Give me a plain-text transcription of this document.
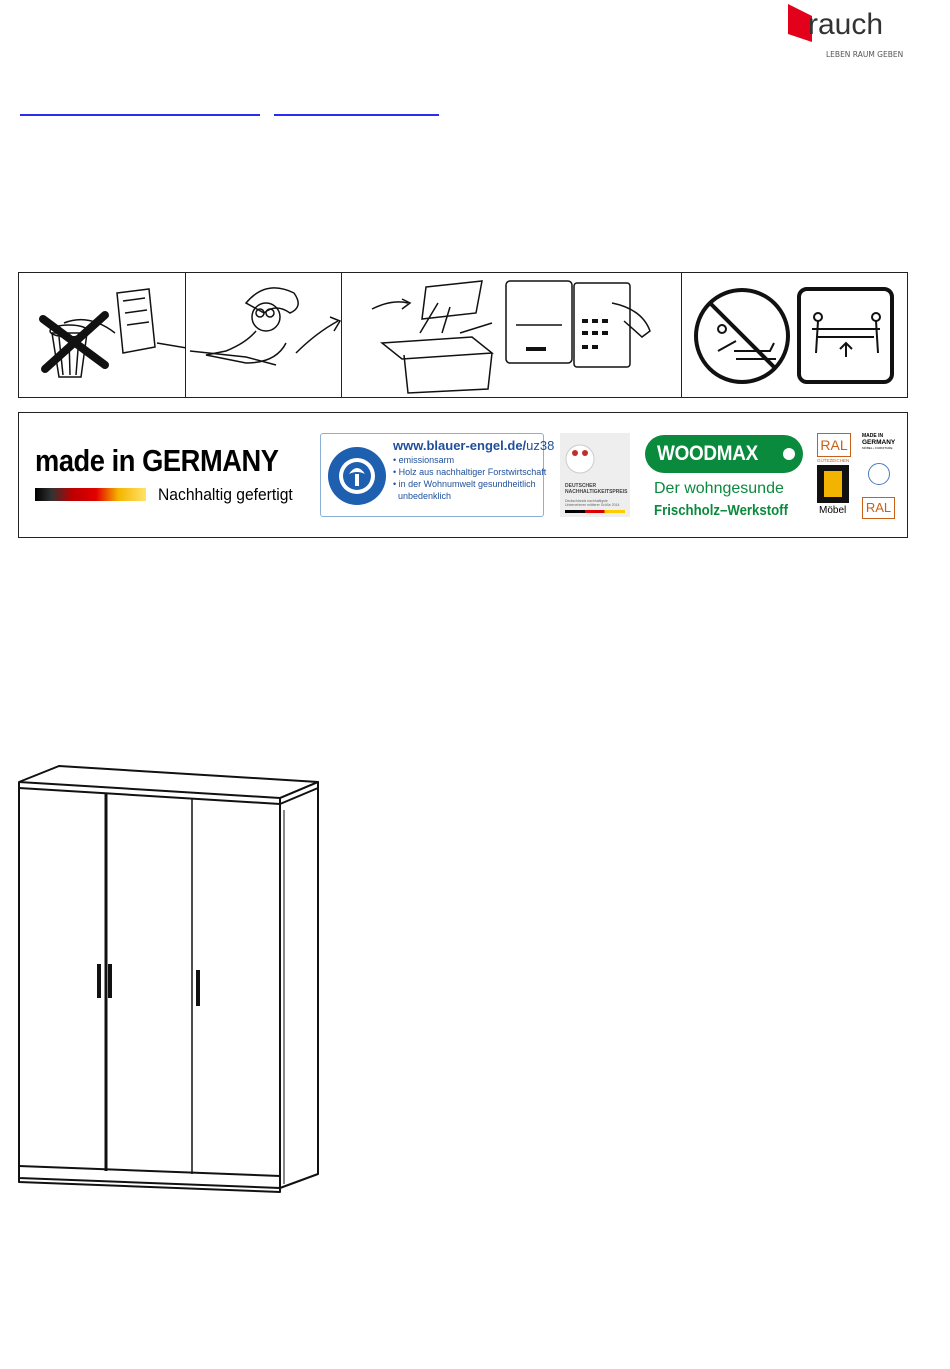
rauch
LEBEN RAUM GEBEN
made in GERMANY
Nachhaltig gefertigt
www.blauer-engel.de/uz38
• emissionsarm
• Holz aus nachhaltiger Forstwirtschaft
• in der Wohnumwelt gesundheitlich
unbedenklich
DEUTSCHER
NACHHALTIGKEITSPREIS
Deutschlands nachhaltigste
Unternehmen mittlerer Größe 2014
WOODMAX
Der wohngesunde
Frischholz–Werkstoff
RAL
GÜTEZEICHEN
Möbel
MADE IN
GERMANY
MÖBEL • FURNITURE
RAL
